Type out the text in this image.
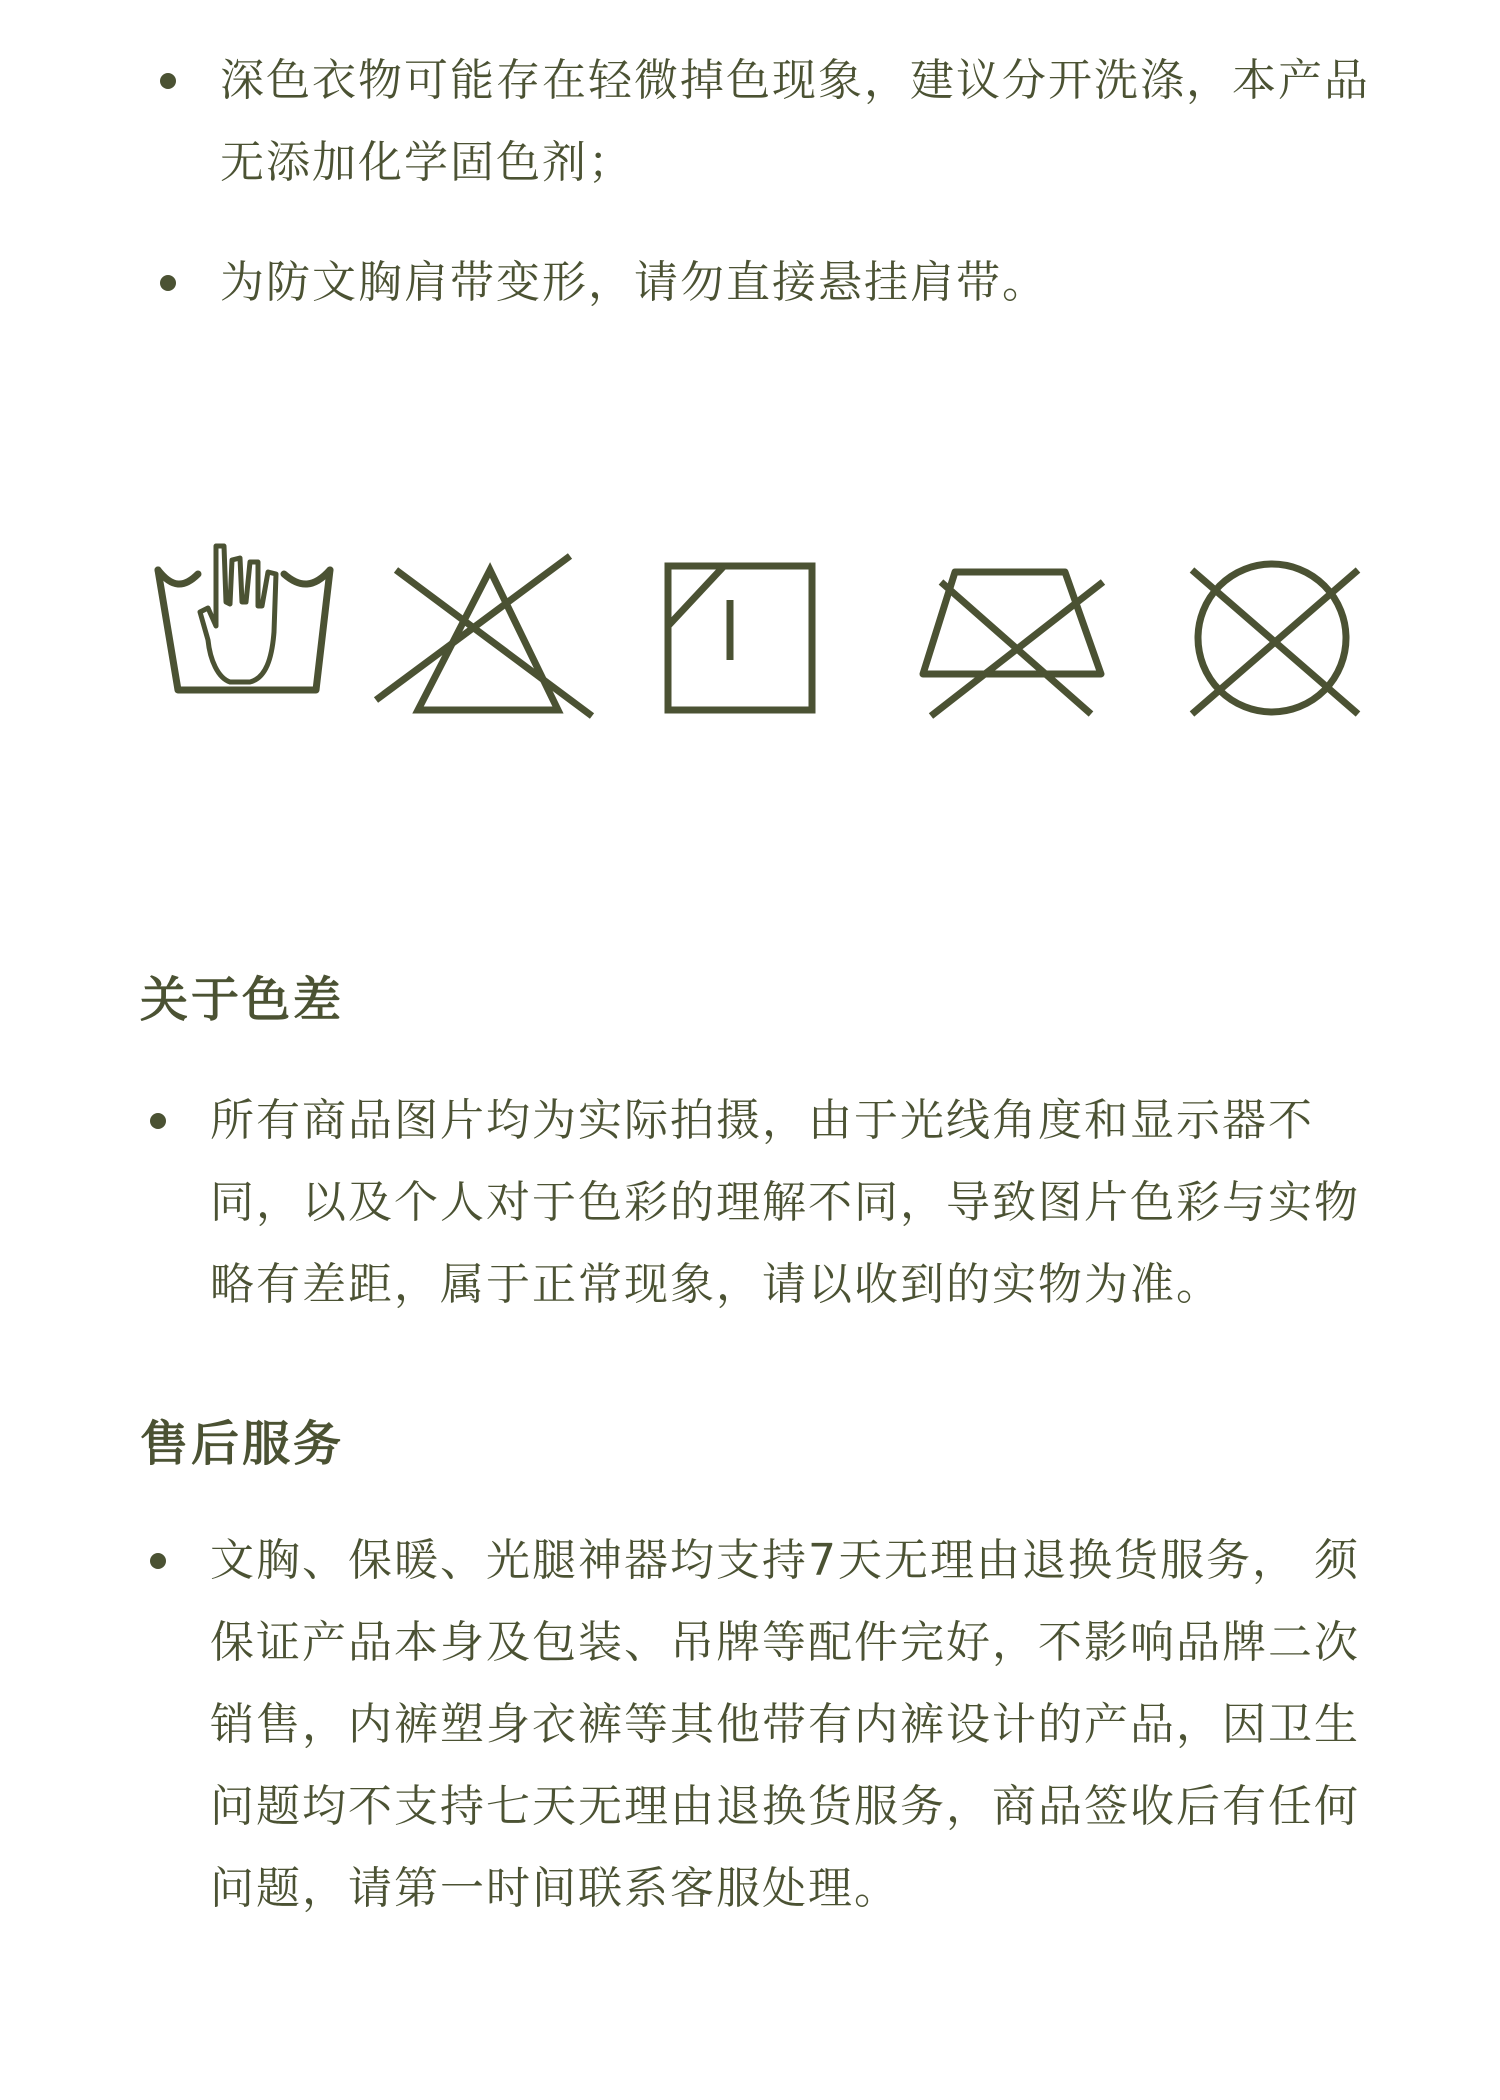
深色衣物可能存在轻微掉色现象，建议分开洗涤，本产品无添加化学固色剂；
为防文胸肩带变形，请勿直接悬挂肩带。
关于色差
所有商品图片均为实际拍摄，由于光线角度和显示器不同，以及个人对于色彩的理解不同，导致图片色彩与实物略有差距，属于正常现象，请以收到的实物为准。
售后服务
文胸、保暖、光腿神器均支持7天无理由退换货服务， 须保证产品本身及包装、吊牌等配件完好，不影响品牌二次销售，内裤塑身衣裤等其他带有内裤设计的产品，因卫生问题均不支持七天无理由退换货服务，商品签收后有任何问题，请第一时间联系客服处理。
